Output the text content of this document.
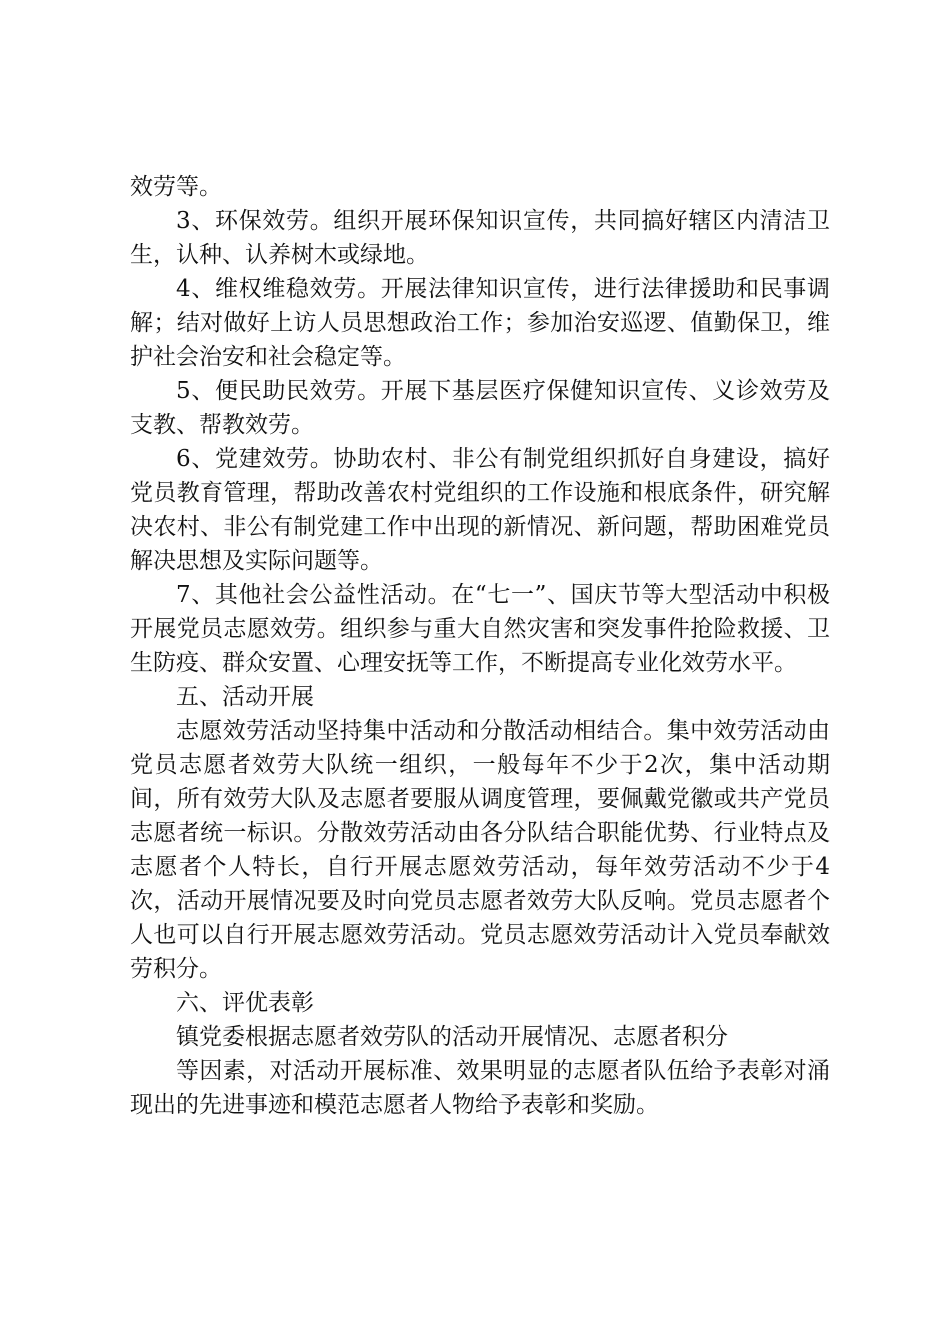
效劳等。

3、环保效劳。组织开展环保知识宣传，共同搞好辖区内清洁卫生，认种、认养树木或绿地。

4、维权维稳效劳。开展法律知识宣传，进行法律援助和民事调解；结对做好上访人员思想政治工作；参加治安巡逻、值勤保卫，维护社会治安和社会稳定等。

5、便民助民效劳。开展下基层医疗保健知识宣传、义诊效劳及支教、帮教效劳。

6、党建效劳。协助农村、非公有制党组织抓好自身建设，搞好党员教育管理，帮助改善农村党组织的工作设施和根底条件，研究解决农村、非公有制党建工作中出现的新情况、新问题，帮助困难党员解决思想及实际问题等。

7、其他社会公益性活动。在“七一”、国庆节等大型活动中积极开展党员志愿效劳。组织参与重大自然灾害和突发事件抢险救援、卫生防疫、群众安置、心理安抚等工作，不断提高专业化效劳水平。

五、活动开展

志愿效劳活动坚持集中活动和分散活动相结合。集中效劳活动由党员志愿者效劳大队统一组织，一般每年不少于2次，集中活动期间，所有效劳大队及志愿者要服从调度管理，要佩戴党徽或共产党员志愿者统一标识。分散效劳活动由各分队结合职能优势、行业特点及志愿者个人特长，自行开展志愿效劳活动，每年效劳活动不少于4次，活动开展情况要及时向党员志愿者效劳大队反响。党员志愿者个人也可以自行开展志愿效劳活动。党员志愿效劳活动计入党员奉献效劳积分。

六、评优表彰

镇党委根据志愿者效劳队的活动开展情况、志愿者积分

等因素，对活动开展标准、效果明显的志愿者队伍给予表彰对涌现出的先进事迹和模范志愿者人物给予表彰和奖励。
